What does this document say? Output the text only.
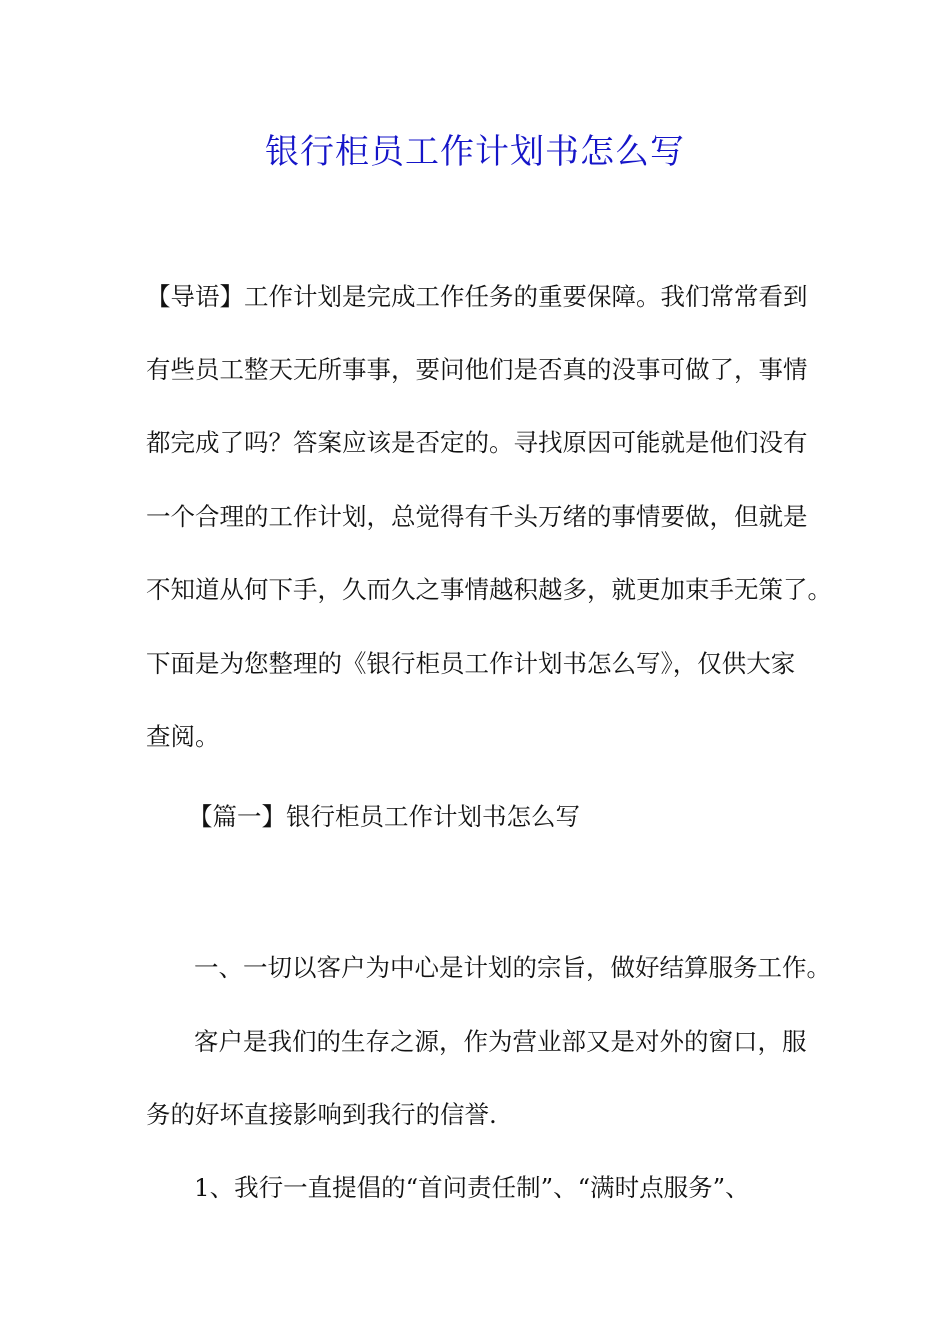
银行柜员工作计划书怎么写

【导语】工作计划是完成工作任务的重要保障。我们常常看到

有些员工整天无所事事，要问他们是否真的没事可做了，事情

都完成了吗？答案应该是否定的。寻找原因可能就是他们没有

一个合理的工作计划，总觉得有千头万绪的事情要做，但就是

不知道从何下手，久而久之事情越积越多，就更加束手无策了。

下面是为您整理的《银行柜员工作计划书怎么写》，仅供大家

查阅。

【篇一】银行柜员工作计划书怎么写

一、一切以客户为中心是计划的宗旨，做好结算服务工作。

客户是我们的生存之源，作为营业部又是对外的窗口，服

务的好坏直接影响到我行的信誉.

1、我行一直提倡的“首问责任制”、“满时点服务”、
